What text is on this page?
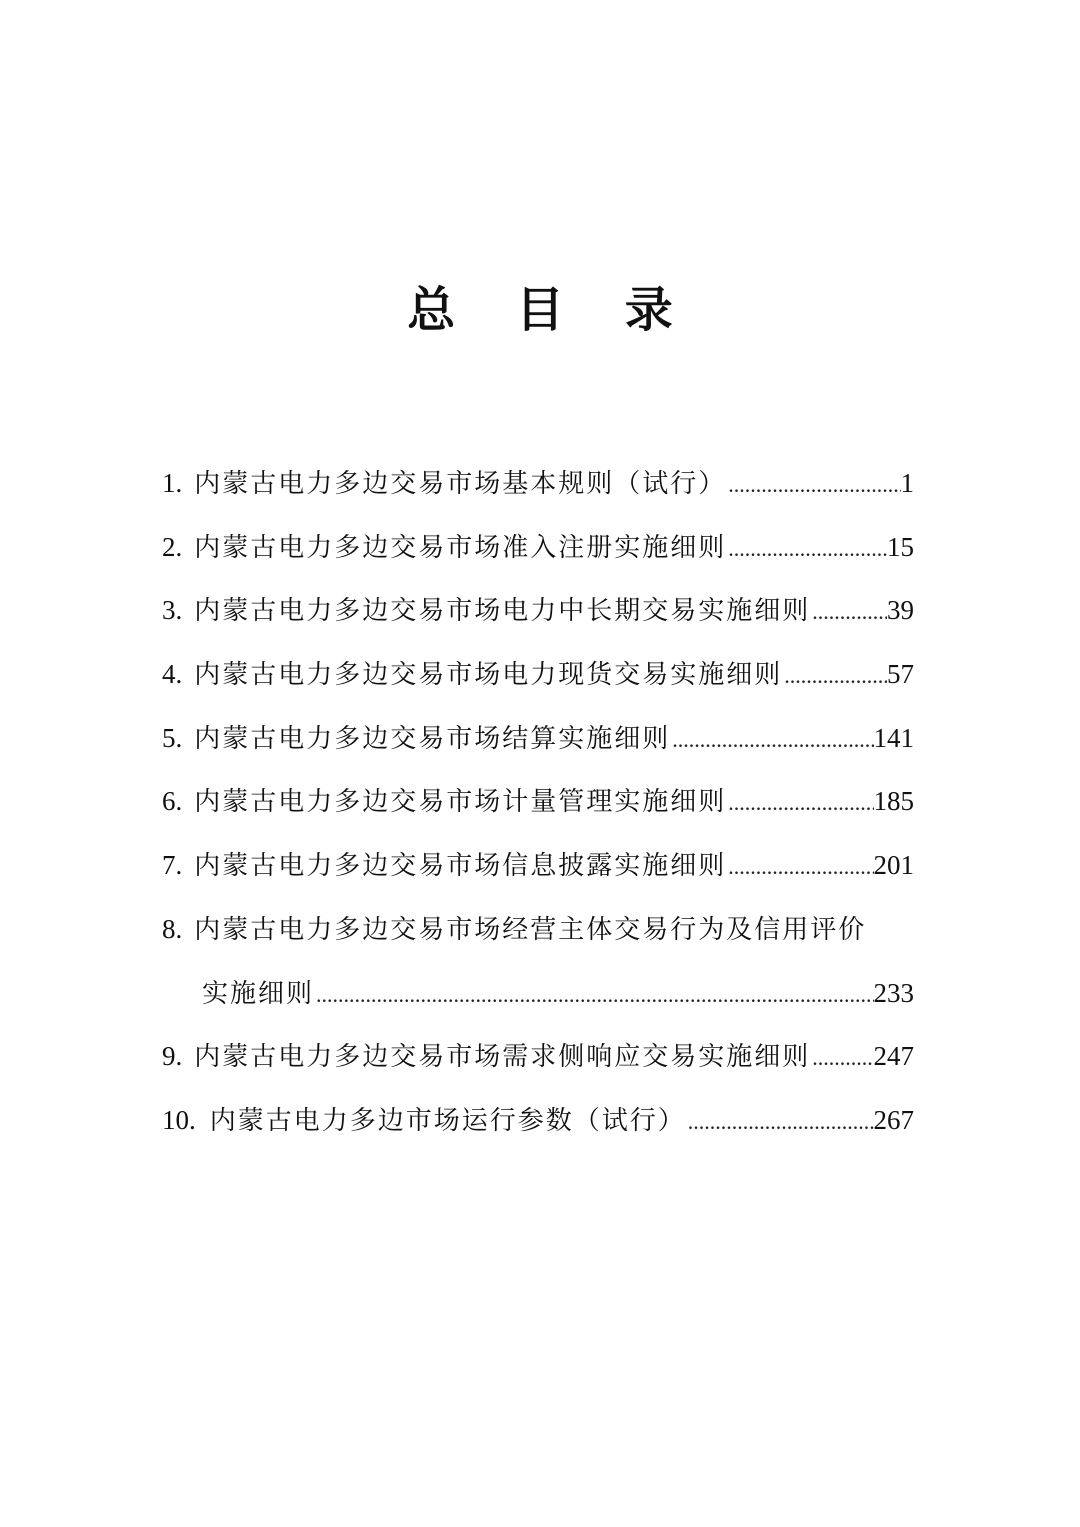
总 目 录
1. 内蒙古电力多边交易市场基本规则（试行） .....	1
2. 内蒙古电力多边交易市场准入注册实施细则 .....	15
3. 内蒙古电力多边交易市场电力中长期交易实施细则 .....	39
4. 内蒙古电力多边交易市场电力现货交易实施细则 .....	57
5. 内蒙古电力多边交易市场结算实施细则 .....	141
6. 内蒙古电力多边交易市场计量管理实施细则 .....	185
7. 内蒙古电力多边交易市场信息披露实施细则 .....	201
8. 内蒙古电力多边交易市场经营主体交易行为及信用评价
实施细则 .....	233
9. 内蒙古电力多边交易市场需求侧响应交易实施细则 ..... 247
10. 内蒙古电力多边市场运行参数（试行） .....	267
